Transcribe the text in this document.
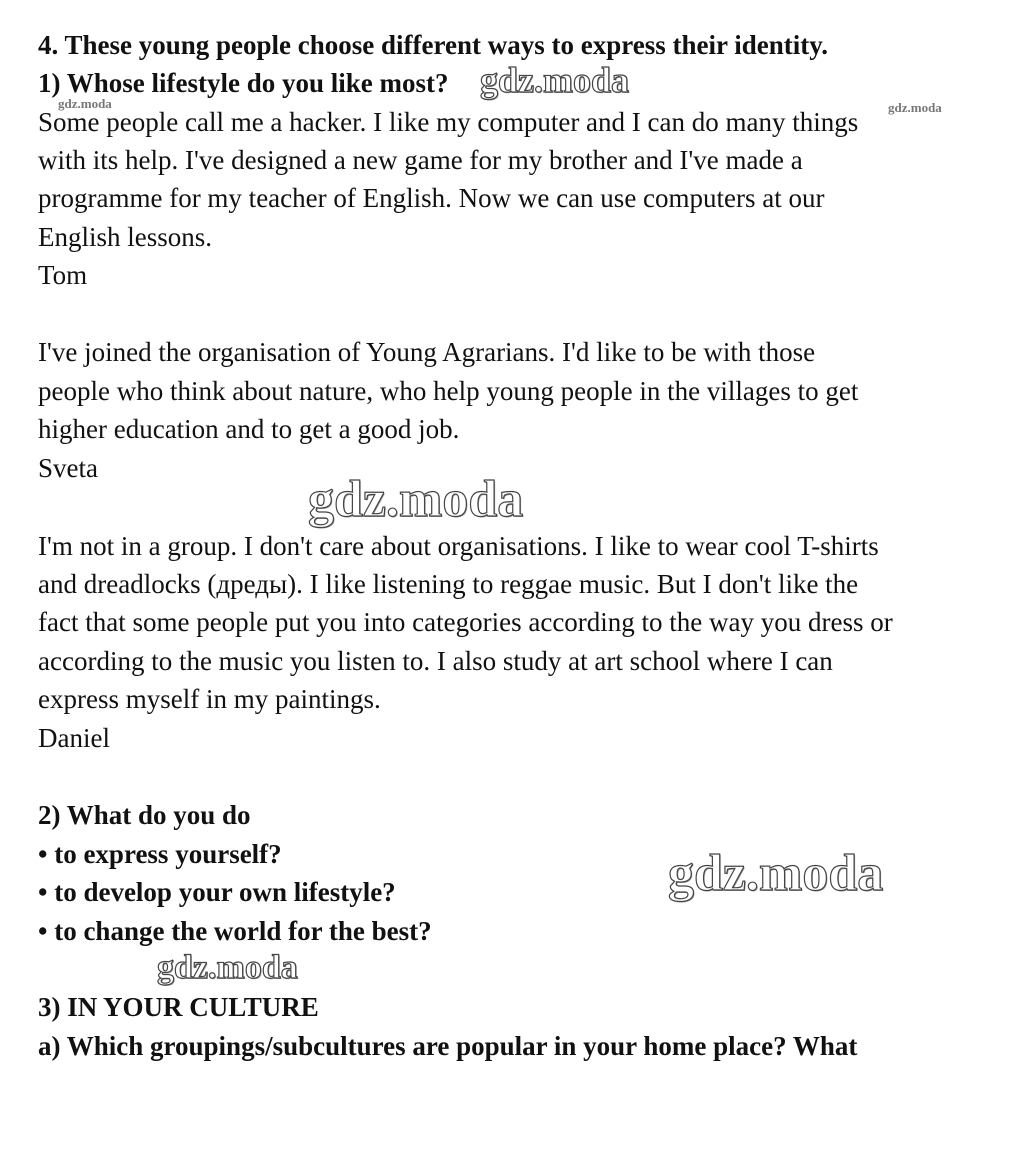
4. These young people choose different ways to express their identity.
1) Whose lifestyle do you like most?
Some people call me a hacker. I like my computer and I can do many things
with its help. I've designed a new game for my brother and I've made a
programme for my teacher of English. Now we can use computers at our
English lessons.
Tom
I've joined the organisation of Young Agrarians. I'd like to be with those
people who think about nature, who help young people in the villages to get
higher education and to get a good job.
Sveta
I'm not in a group. I don't care about organisations. I like to wear cool T-shirts
and dreadlocks (дреды). I like listening to reggae music. But I don't like the
fact that some people put you into categories according to the way you dress or
according to the music you listen to. I also study at art school where I can
express myself in my paintings.
Daniel
2) What do you do
• to express yourself?
• to develop your own lifestyle?
• to change the world for the best?
3) IN YOUR CULTURE
a) Which groupings/subcultures are popular in your home place? What
gdz.moda
gdz.moda	gdz.moda
gdz.moda
gdz.moda
gdz.moda
